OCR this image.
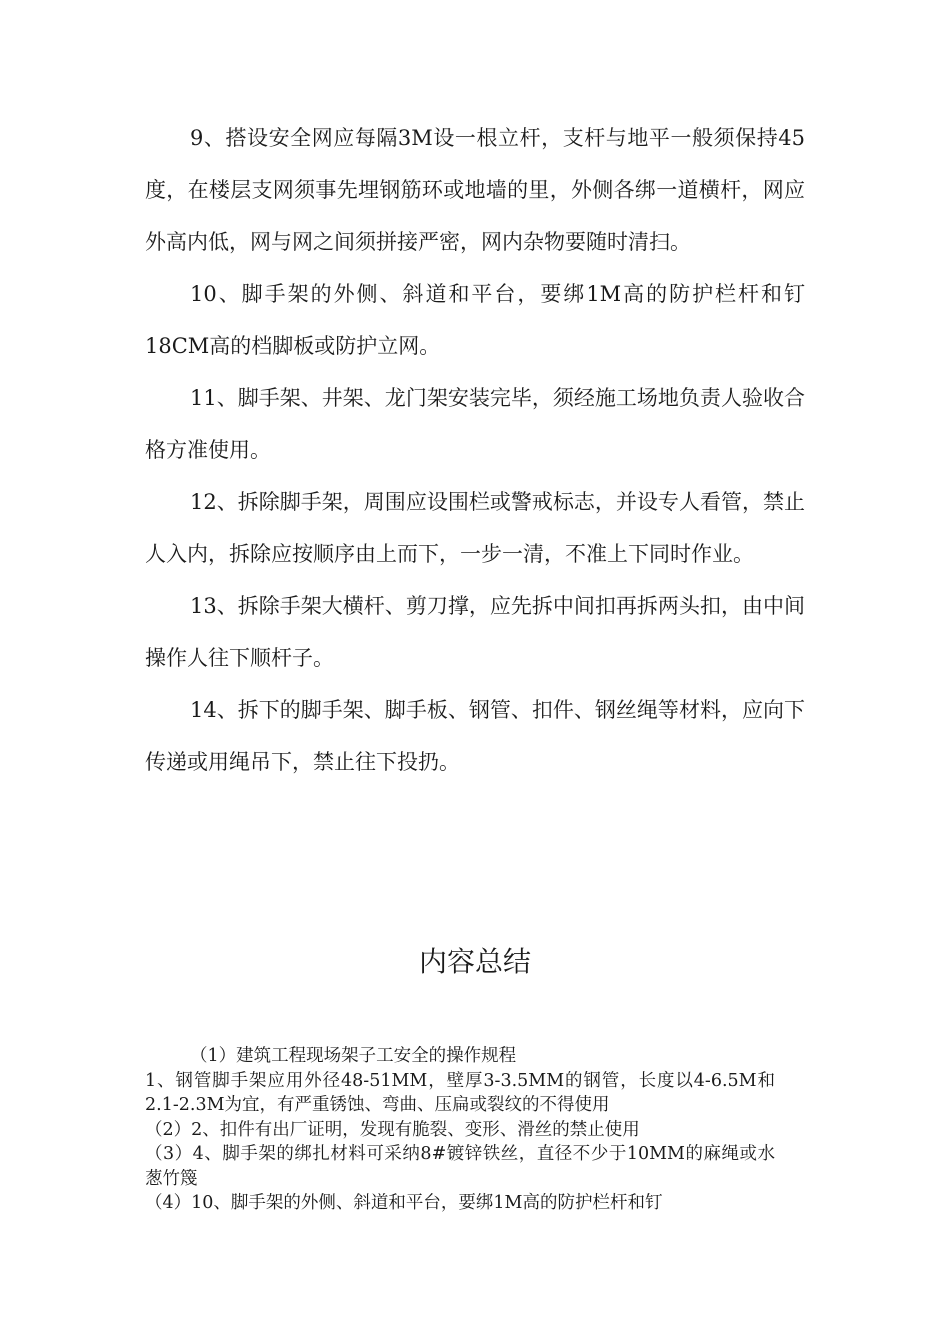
9、搭设安全网应每隔3M设一根立杆，支杆与地平一般须保持45度，在楼层支网须事先埋钢筋环或地墙的里，外侧各绑一道横杆，网应外高内低，网与网之间须拼接严密，网内杂物要随时清扫。

10、脚手架的外侧、斜道和平台，要绑1M高的防护栏杆和钉18CM高的档脚板或防护立网。

11、脚手架、井架、龙门架安装完毕，须经施工场地负责人验收合格方准使用。

12、拆除脚手架，周围应设围栏或警戒标志，并设专人看管，禁止人入内，拆除应按顺序由上而下，一步一清，不准上下同时作业。

13、拆除手架大横杆、剪刀撑，应先拆中间扣再拆两头扣，由中间操作人往下顺杆子。

14、拆下的脚手架、脚手板、钢管、扣件、钢丝绳等材料，应向下传递或用绳吊下，禁止往下投扔。

内容总结

（1）建筑工程现场架子工安全的操作规程

1、钢管脚手架应用外径48-51MM，壁厚3-3.5MM的钢管，长度以4-6.5M和2.1-2.3M为宜，有严重锈蚀、弯曲、压扁或裂纹的不得使用

（2）2、扣件有出厂证明，发现有脆裂、变形、滑丝的禁止使用

（3）4、脚手架的绑扎材料可采纳8#镀锌铁丝，直径不少于10MM的麻绳或水葱竹篾

（4）10、脚手架的外侧、斜道和平台，要绑1M高的防护栏杆和钉
